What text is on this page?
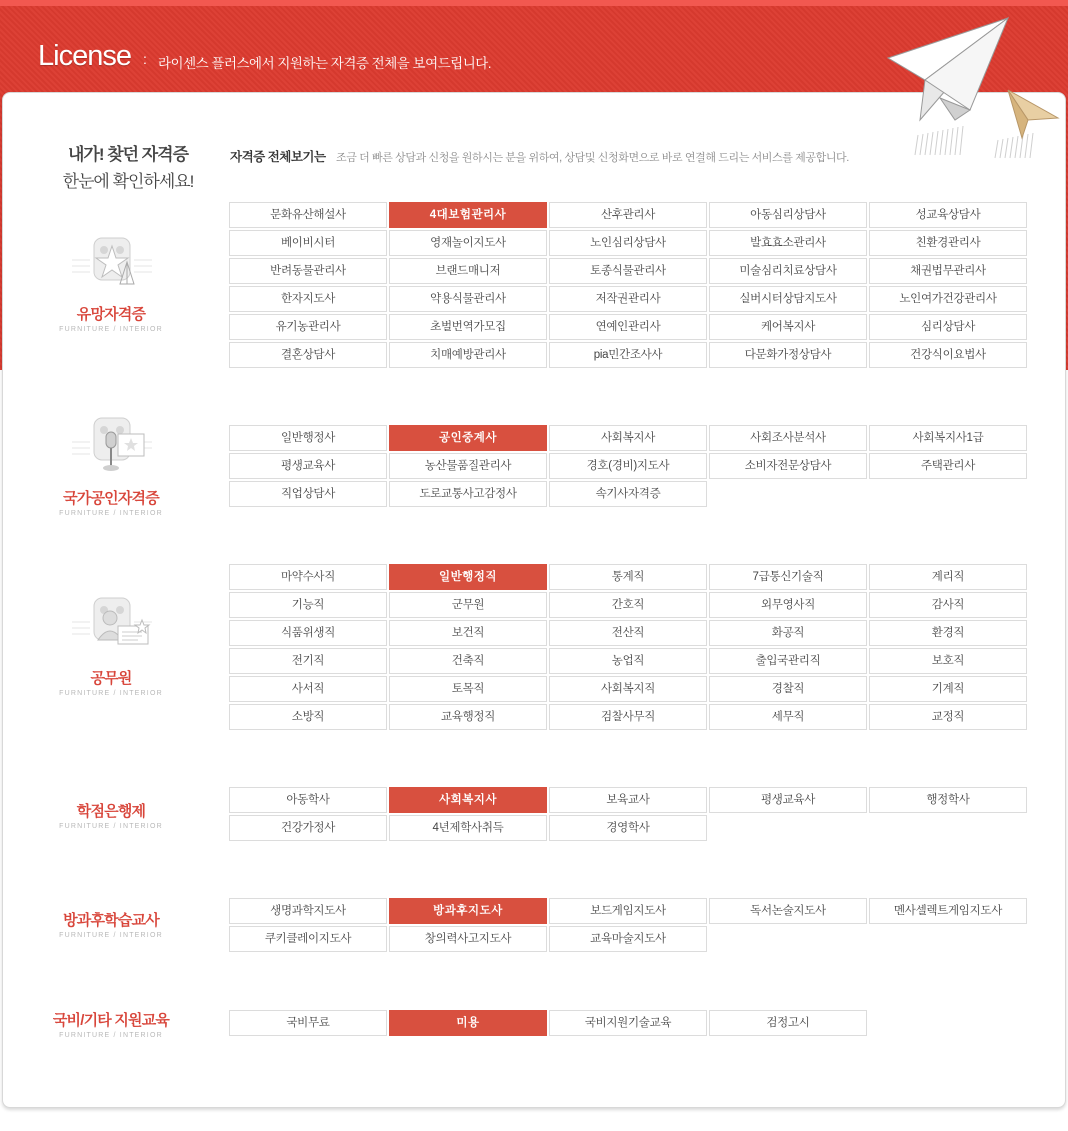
License : 라이센스 플러스에서 지원하는 자격증 전체을 보여드립니다.
내가! 찾던 자격증
한눈에 확인하세요!
자격증 전체보기는 조금 더 빠른 상담과 신청을 원하시는 분을 위하여, 상담및 신청화면으로 바로 연결해 드리는 서비스를 제공합니다.
유망자격증
FURNITURE / INTERIOR
국가공인자격증
FURNITURE / INTERIOR
공무원
FURNITURE / INTERIOR
학점은행제
FURNITURE / INTERIOR
방과후학습교사
FURNITURE / INTERIOR
국비/기타 지원교육
FURNITURE / INTERIOR
문화유산해설사	4대보험관리사	산후관리사	아동심리상담사	성교육상담사
베이비시터	영재놀이지도사	노인심리상담사	발효효소관리사	친환경관리사
반려동물관리사	브랜드매니저	토종식물관리사	미술심리치료상담사	채권법무관리사
한자지도사	약용식물관리사	저작권관리사	실버시터상담지도사	노인여가건강관리사
유기농관리사	초벌번역가모집	연예인관리사	케어복지사	심리상담사
결혼상담사	치매예방관리사	pia민간조사사	다문화가정상담사	건강식이요법사
일반행정사	공인중계사	사회복지사	사회조사분석사	사회복지사1급
평생교육사	농산물품질관리사	경호(경비)지도사	소비자전문상담사	주택관리사
직업상담사	도로교통사고감정사	속기사자격증
마약수사직	일반행정직	통계직	7급통신기술직	계리직
기능직	군무원	간호직	외무영사직	감사직
식품위생직	보건직	전산직	화공직	환경직
전기직	건축직	농업직	출입국관리직	보호직
사서직	토목직	사회복지직	경찰직	기계직
소방직	교육행정직	검찰사무직	세무직	교정직
아동학사	사회복지사	보육교사	평생교육사	행정학사
건강가정사	4년제학사취득	경영학사
생명과학지도사	방과후지도사	보드게임지도사	독서논술지도사	멘사셀렉트게임지도사
쿠키클레이지도사	창의력사고지도사	교육마술지도사
국비무료	미용	국비지원기술교육	검정고시
